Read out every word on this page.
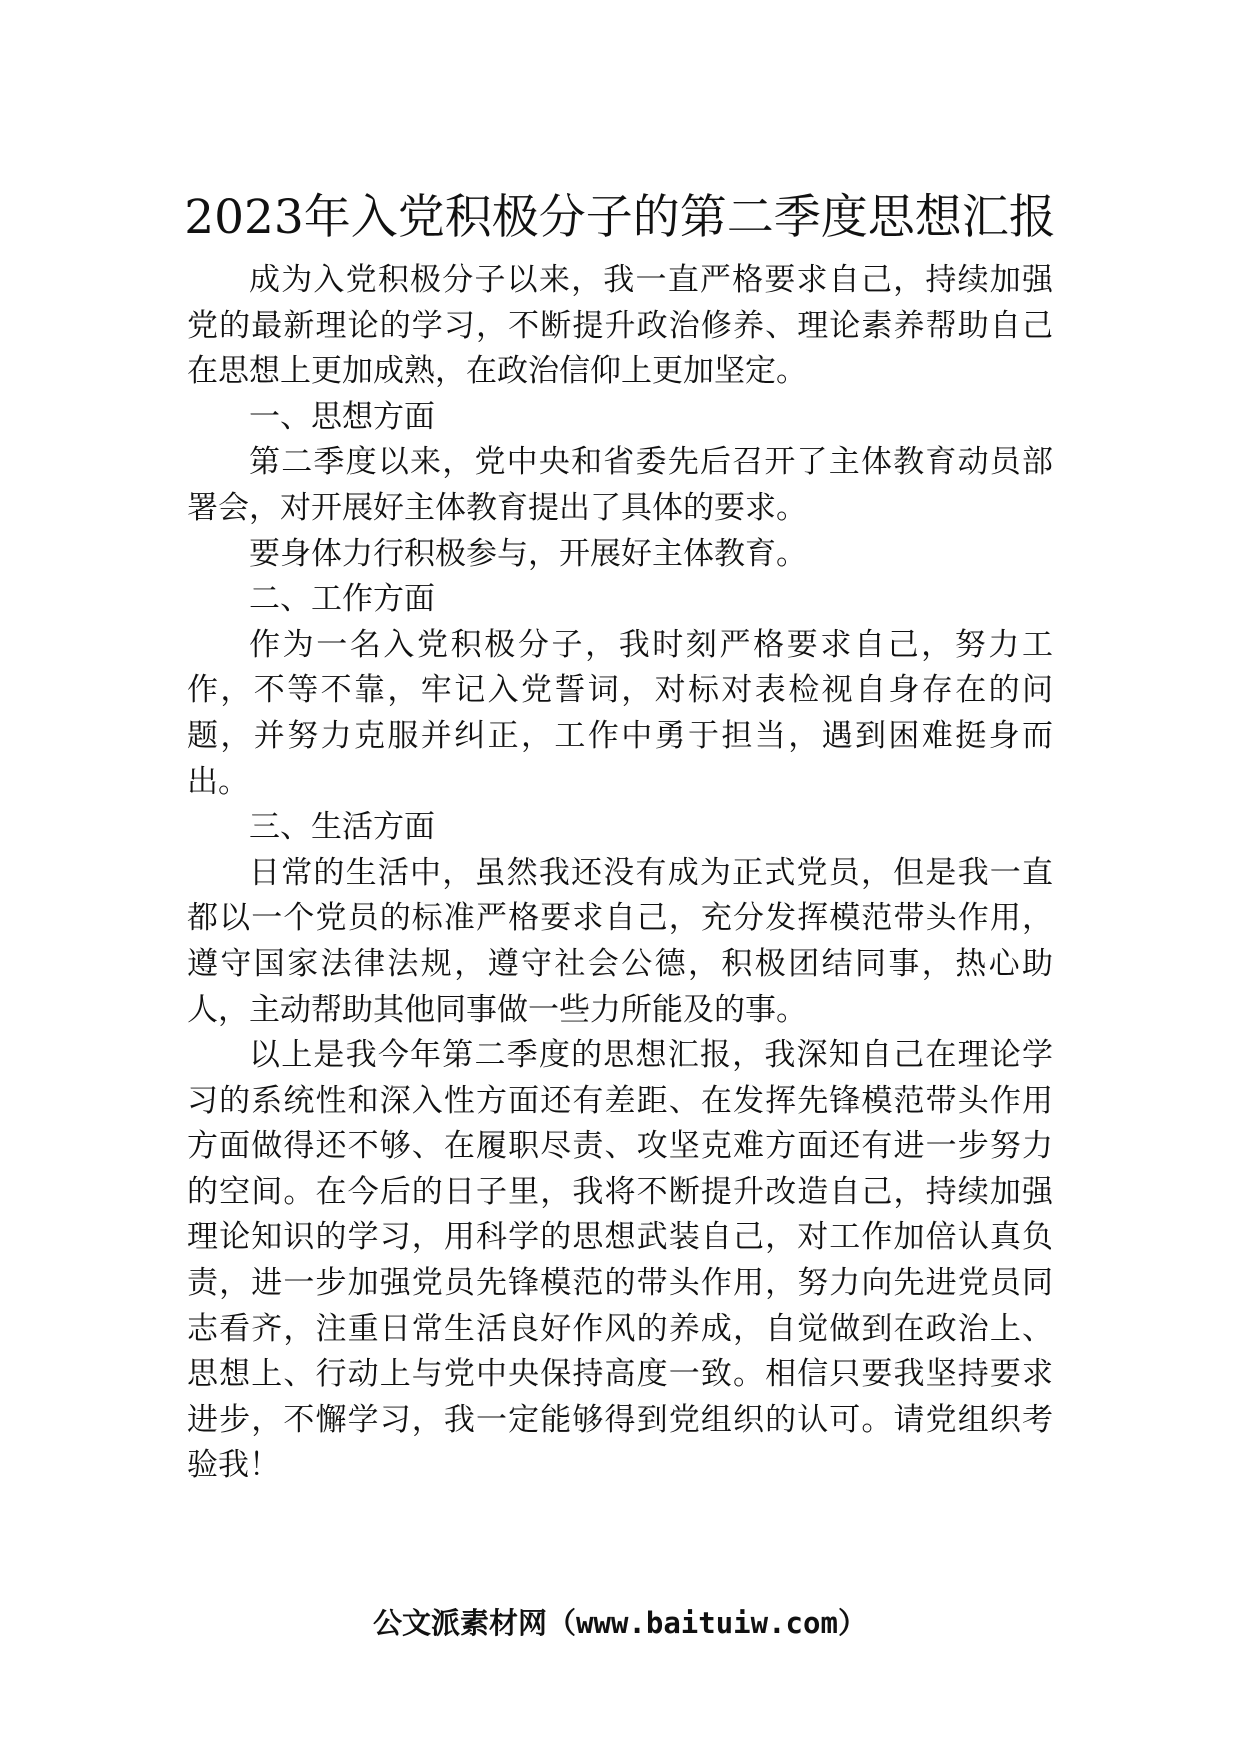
2023年入党积极分子的第二季度思想汇报

成为入党积极分子以来，我一直严格要求自己，持续加强党的最新理论的学习，不断提升政治修养、理论素养帮助自己在思想上更加成熟，在政治信仰上更加坚定。

一、思想方面

第二季度以来，党中央和省委先后召开了主体教育动员部署会，对开展好主体教育提出了具体的要求。

要身体力行积极参与，开展好主体教育。

二、工作方面

作为一名入党积极分子，我时刻严格要求自己，努力工作，不等不靠，牢记入党誓词，对标对表检视自身存在的问题，并努力克服并纠正，工作中勇于担当，遇到困难挺身而出。

三、生活方面

日常的生活中，虽然我还没有成为正式党员，但是我一直都以一个党员的标准严格要求自己，充分发挥模范带头作用，遵守国家法律法规，遵守社会公德，积极团结同事，热心助人，主动帮助其他同事做一些力所能及的事。

以上是我今年第二季度的思想汇报，我深知自己在理论学习的系统性和深入性方面还有差距、在发挥先锋模范带头作用方面做得还不够、在履职尽责、攻坚克难方面还有进一步努力的空间。在今后的日子里，我将不断提升改造自己，持续加强理论知识的学习，用科学的思想武装自己，对工作加倍认真负责，进一步加强党员先锋模范的带头作用，努力向先进党员同志看齐，注重日常生活良好作风的养成，自觉做到在政治上、思想上、行动上与党中央保持高度一致。相信只要我坚持要求进步，不懈学习，我一定能够得到党组织的认可。请党组织考验我！

公文派素材网（www.baituiw.com）
